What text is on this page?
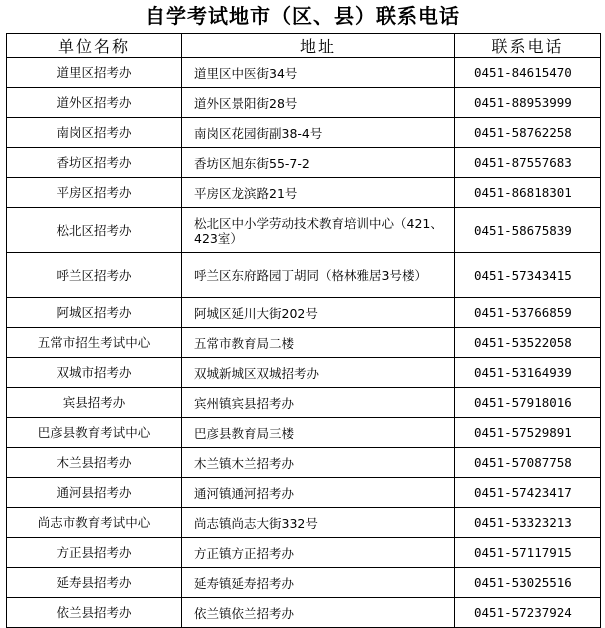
自学考试地市（区、县）联系电话
单位名称	地址	联系电话
道里区招考办	道里区中医街34号	0451-84615470
道外区招考办	道外区景阳街28号	0451-88953999
南岗区招考办	南岗区花园街副38-4号	0451-58762258
香坊区招考办	香坊区旭东街55-7-2	0451-87557683
平房区招考办	平房区龙滨路21号	0451-86818301
松北区招考办	松北区中小学劳动技术教育培训中心（421、423室）	0451-58675839
呼兰区招考办	呼兰区东府路园丁胡同（格林雅居3号楼）	0451-57343415
阿城区招考办	阿城区延川大街202号	0451-53766859
五常市招生考试中心	五常市教育局二楼	0451-53522058
双城市招考办	双城新城区双城招考办	0451-53164939
宾县招考办	宾州镇宾县招考办	0451-57918016
巴彦县教育考试中心	巴彦县教育局三楼	0451-57529891
木兰县招考办	木兰镇木兰招考办	0451-57087758
通河县招考办	通河镇通河招考办	0451-57423417
尚志市教育考试中心	尚志镇尚志大街332号	0451-53323213
方正县招考办	方正镇方正招考办	0451-57117915
延寿县招考办	延寿镇延寿招考办	0451-53025516
依兰县招考办	依兰镇依兰招考办	0451-57237924
